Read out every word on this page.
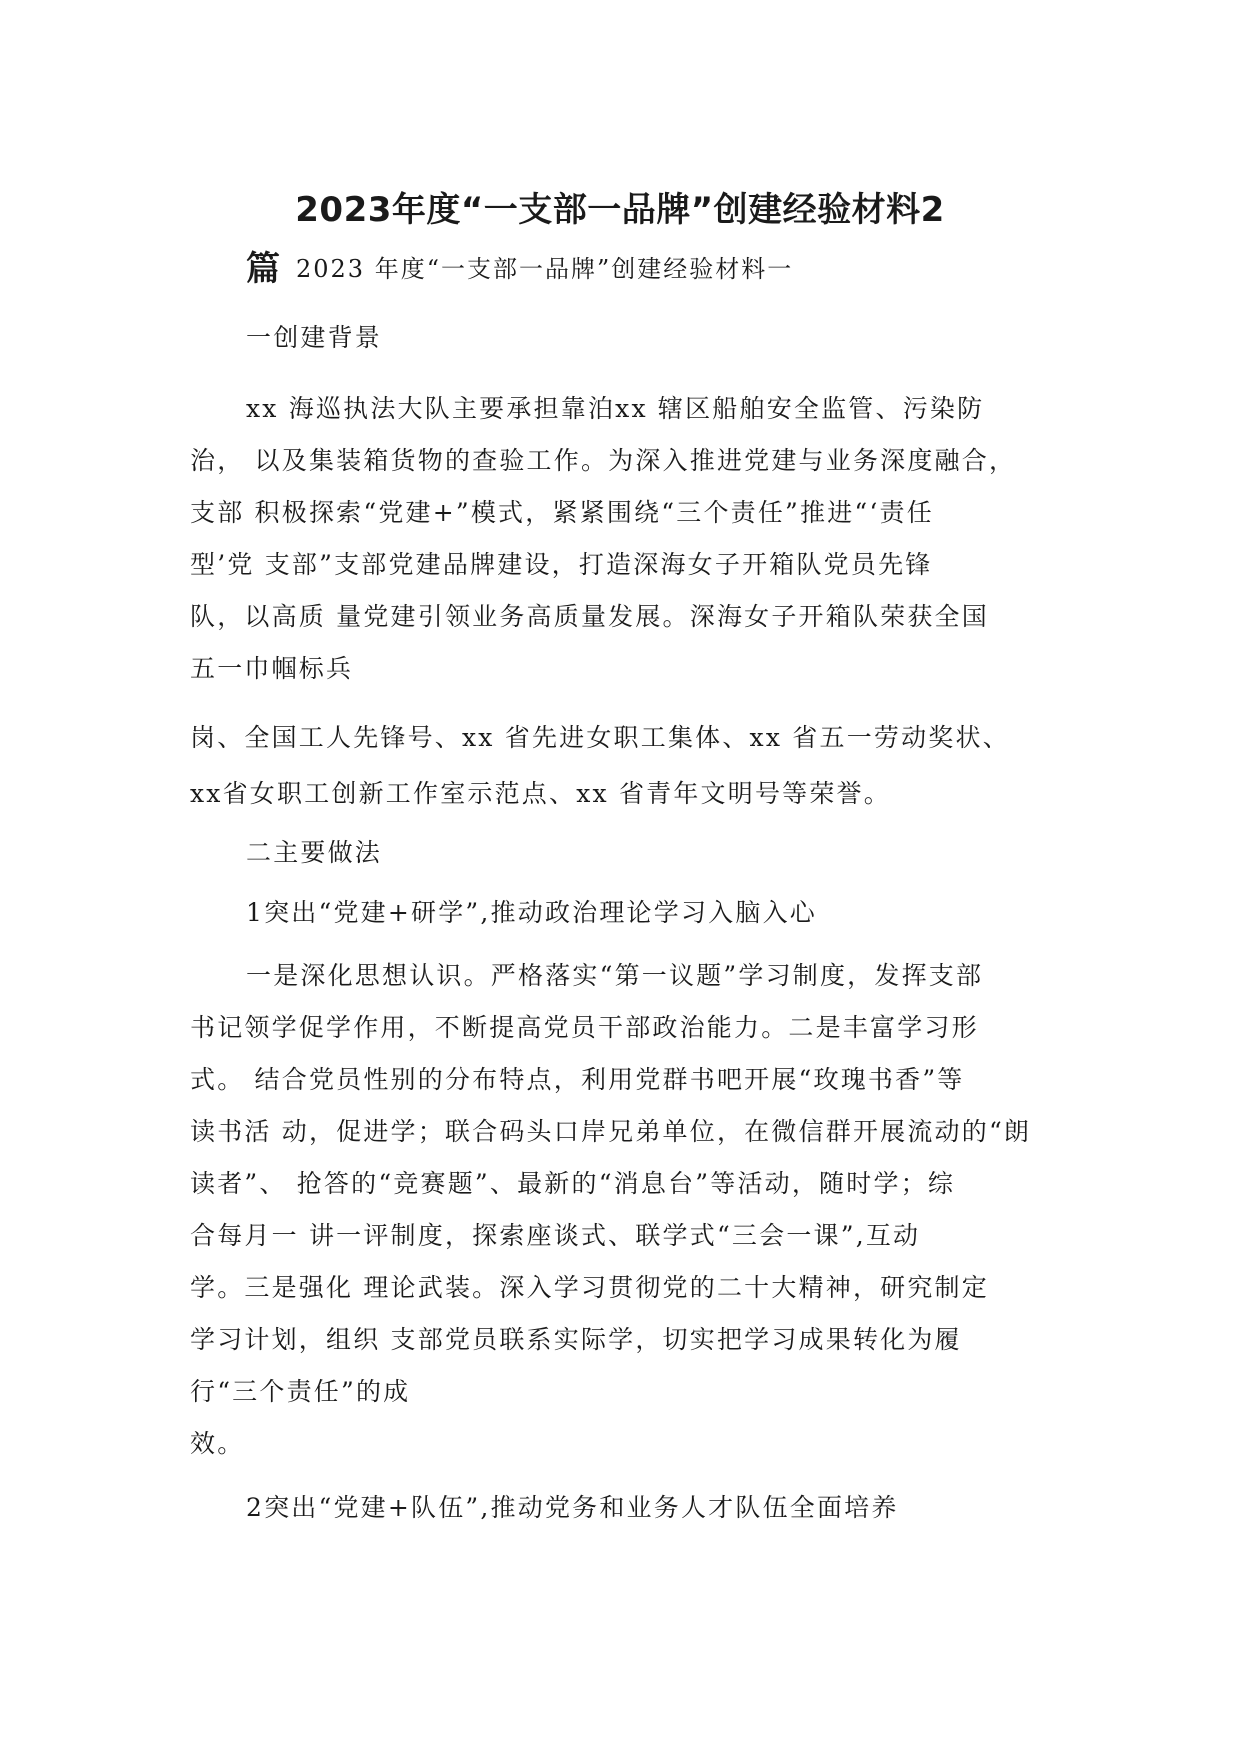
2023年度“一支部一品牌”创建经验材料2
篇 2023 年度“一支部一品牌”创建经验材料一
一创建背景
xx 海巡执法大队主要承担靠泊xx 辖区船舶安全监管、污染防
治， 以及集装箱货物的查验工作。为深入推进党建与业务深度融合，
支部 积极探索“党建+”模式，紧紧围绕“三个责任”推进“‘责任
型’党 支部”支部党建品牌建设，打造深海女子开箱队党员先锋
队，以高质 量党建引领业务高质量发展。深海女子开箱队荣获全国
五一巾帼标兵
岗、全国工人先锋号、xx 省先进女职工集体、xx 省五一劳动奖状、
xx省女职工创新工作室示范点、xx 省青年文明号等荣誉。
二主要做法
1突出“党建+研学”,推动政治理论学习入脑入心
一是深化思想认识。严格落实“第一议题”学习制度，发挥支部
书记领学促学作用，不断提高党员干部政治能力。二是丰富学习形
式。 结合党员性别的分布特点，利用党群书吧开展“玫瑰书香”等
读书活 动，促进学；联合码头口岸兄弟单位，在微信群开展流动的“朗
读者”、 抢答的“竞赛题”、最新的“消息台”等活动，随时学；综
合每月一 讲一评制度，探索座谈式、联学式“三会一课”,互动
学。三是强化 理论武装。深入学习贯彻党的二十大精神，研究制定
学习计划，组织 支部党员联系实际学，切实把学习成果转化为履
行“三个责任”的成
效。
2突出“党建+队伍”,推动党务和业务人才队伍全面培养
